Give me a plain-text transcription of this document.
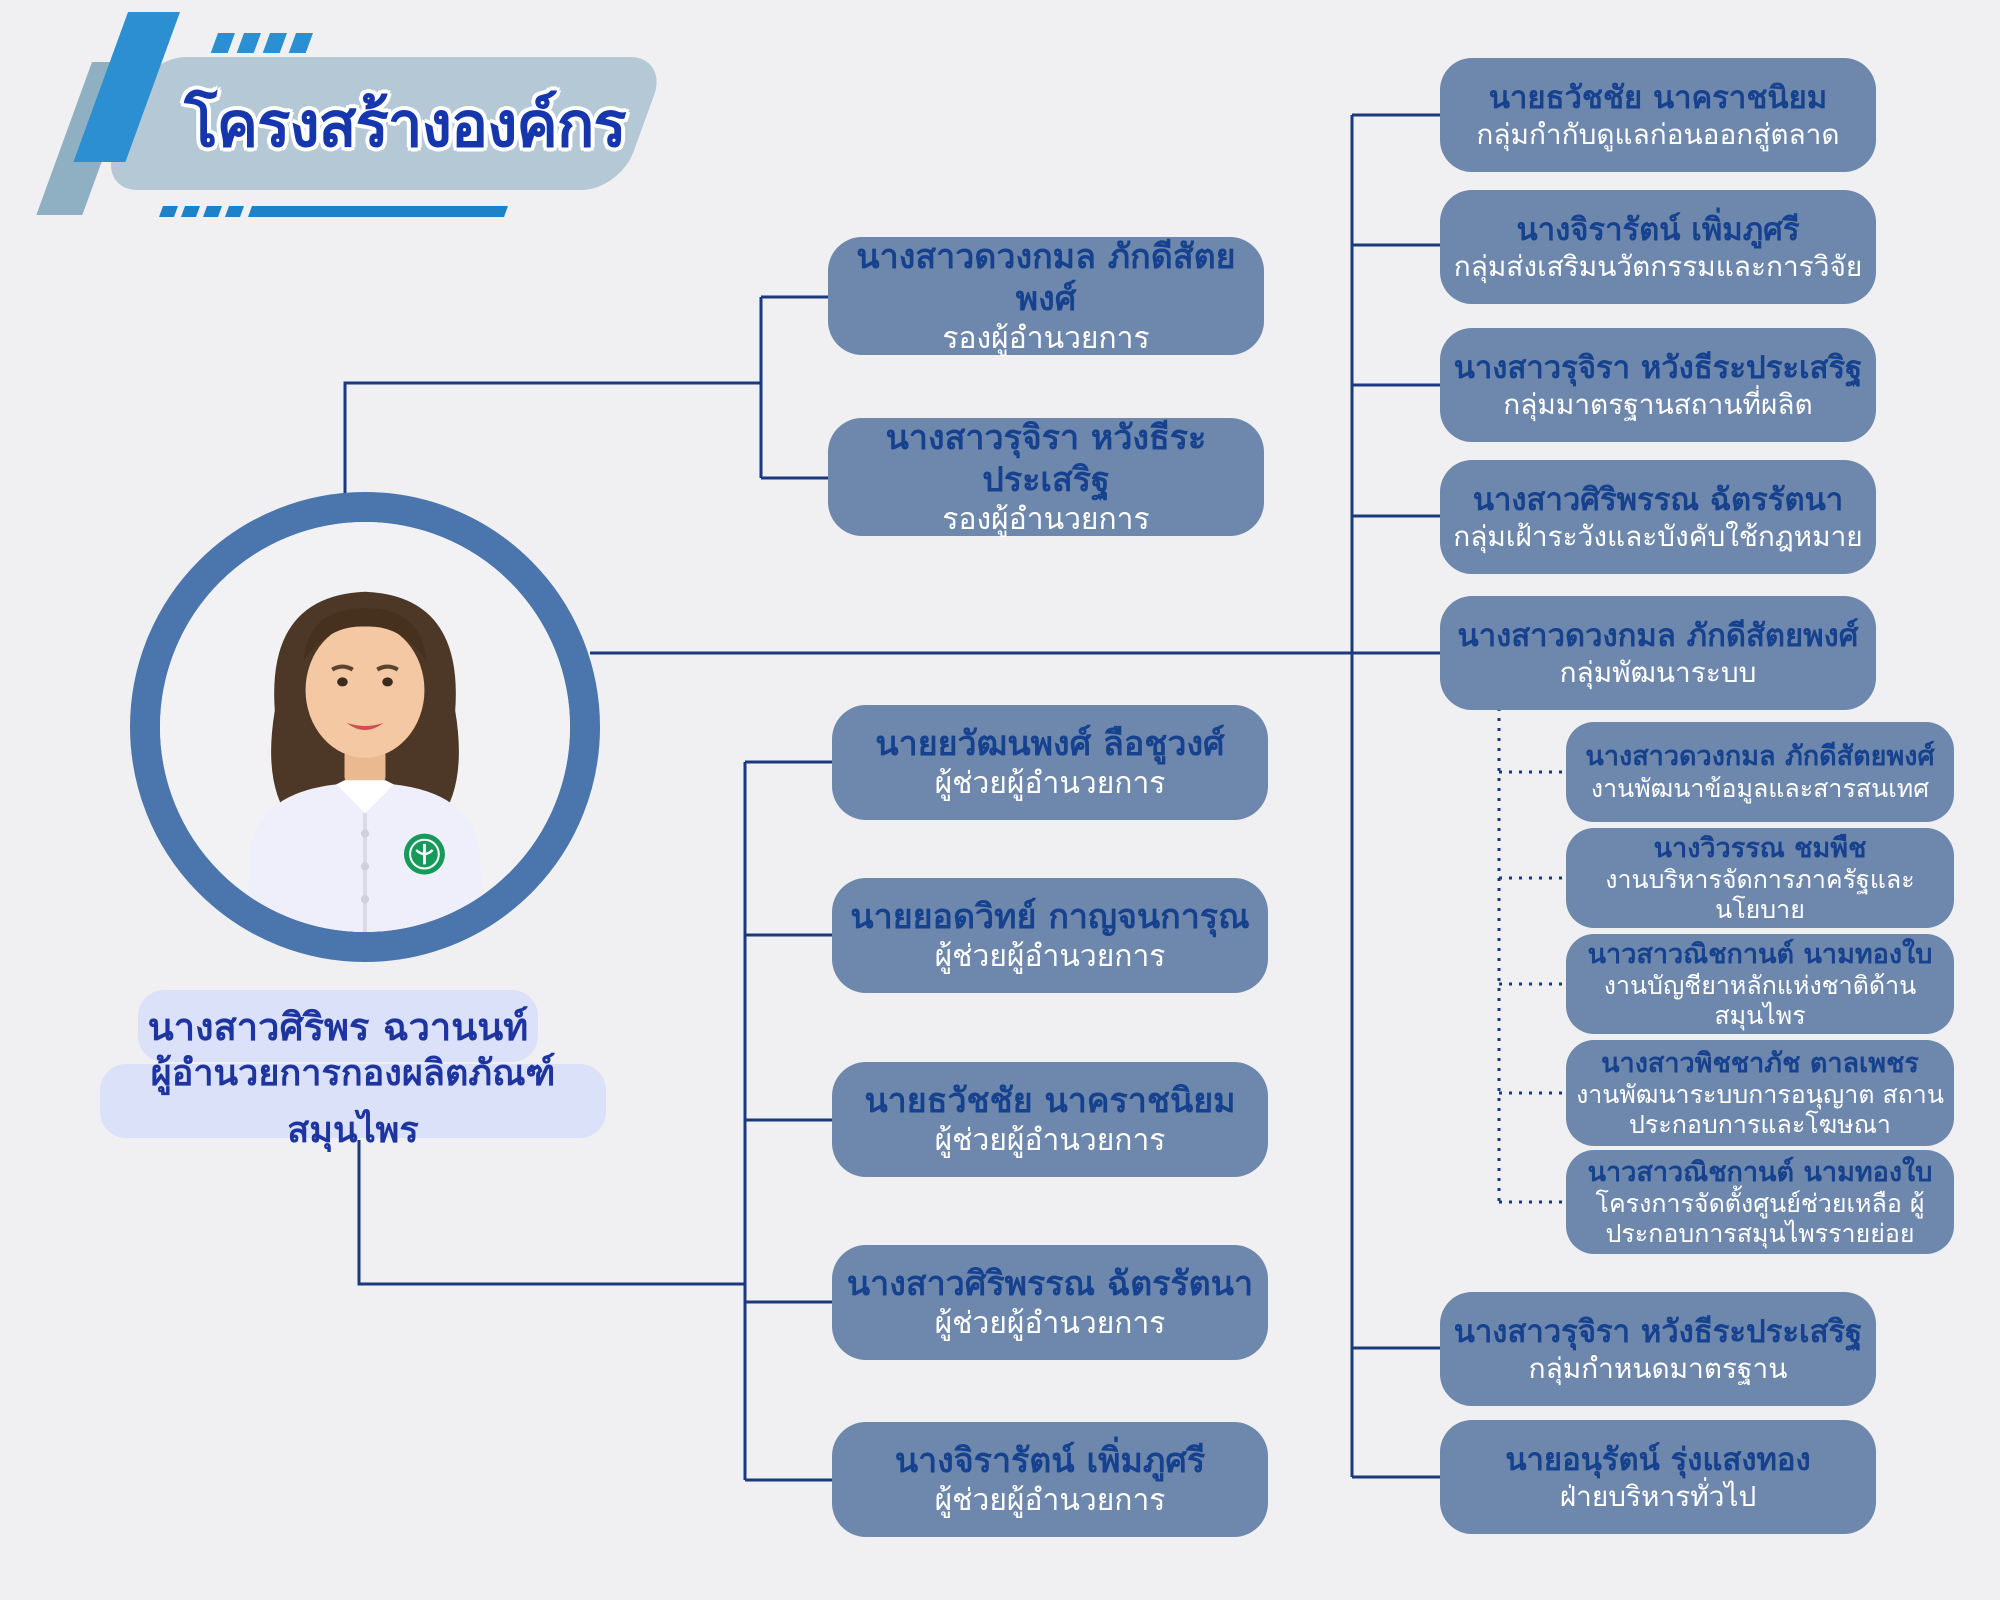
โครงสร้างองค์กร
นางสาวศิริพร ฉวานนท์
ผู้อำนวยการกองผลิตภัณฑ์สมุนไพร
นางสาวดวงกมล ภักดีสัตยพงศ์
รองผู้อำนวยการ
นางสาวรุจิรา หวังธีระประเสริฐ
รองผู้อำนวยการ
นายยวัฒนพงศ์ ลือชูวงศ์
ผู้ช่วยผู้อำนวยการ
นายยอดวิทย์ กาญจนการุณ
ผู้ช่วยผู้อำนวยการ
นายธวัชชัย นาคราชนิยม
ผู้ช่วยผู้อำนวยการ
นางสาวศิริพรรณ ฉัตรรัตนา
ผู้ช่วยผู้อำนวยการ
นางจิรารัตน์ เพิ่มภูศรี
ผู้ช่วยผู้อำนวยการ
นายธวัชชัย นาคราชนิยม
กลุ่มกำกับดูแลก่อนออกสู่ตลาด
นางจิรารัตน์ เพิ่มภูศรี
กลุ่มส่งเสริมนวัตกรรมและการวิจัย
นางสาวรุจิรา หวังธีระประเสริฐ
กลุ่มมาตรฐานสถานที่ผลิต
นางสาวศิริพรรณ ฉัตรรัตนา
กลุ่มเฝ้าระวังและบังคับใช้กฎหมาย
นางสาวดวงกมล ภักดีสัตยพงศ์
กลุ่มพัฒนาระบบ
นางสาวรุจิรา หวังธีระประเสริฐ
กลุ่มกำหนดมาตรฐาน
นายอนุรัตน์ รุ่งแสงทอง
ฝ่ายบริหารทั่วไป
นางสาวดวงกมล ภักดีสัตยพงศ์
งานพัฒนาข้อมูลและสารสนเทศ
นางวิวรรณ ชมพืช
งานบริหารจัดการภาครัฐและนโยบาย
นาวสาวณิชกานต์ นามทองใบ
งานบัญชียาหลักแห่งชาติด้านสมุนไพร
นางสาวพิชชาภัช ตาลเพชร
งานพัฒนาระบบการอนุญาต สถานประกอบการและโฆษณา
นาวสาวณิชกานต์ นามทองใบ
โครงการจัดตั้งศูนย์ช่วยเหลือ ผู้ประกอบการสมุนไพรรายย่อย
